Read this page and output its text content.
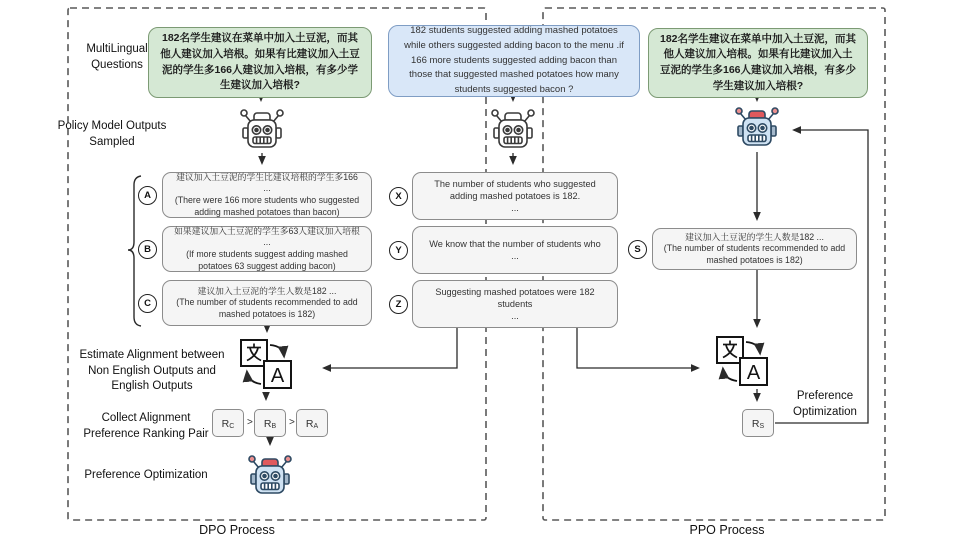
MultiLingual Questions
Policy Model Outputs Sampled
Estimate Alignment between Non English Outputs and English Outputs
Collect Alignment Preference Ranking Pair
Preference Optimization
182名学生建议在菜单中加入土豆泥，而其他人建议加入培根。如果有比建议加入土豆泥的学生多166人建议加入培根，有多少学生建议加入培根?
182 students suggested adding mashed potatoes while others suggested adding bacon to the menu .if 166 more students suggested adding bacon than those that suggested mashed potatoes how many students suggested bacon ?
182名学生建议在菜单中加入土豆泥，而其他人建议加入培根。如果有比建议加入土豆泥的学生多166人建议加入培根，有多少学生建议加入培根?
A
建议加入土豆泥的学生比建议培根的学生多166 ...
(There were 166 more students who suggested adding mashed potatoes than bacon)
B
如果建议加入土豆泥的学生多63人建议加入培根 ...
(If more students suggest adding mashed potatoes 63 suggest adding bacon)
C
建议加入土豆泥的学生人数是182 ...
(The number of students recommended to add mashed potatoes is 182)
X
The number of students who suggested adding mashed potatoes is 182.
...
Y
We know that the number of students who
...
Z
Suggesting mashed potatoes were 182 students
...
S
建议加入土豆泥的学生人数是182 ...
(The number of students recommended to add mashed potatoes is 182)
A	A
$R_C > R_B > R_A$	$R_S$
Preference Optimization
DPO Process	PPO Process
